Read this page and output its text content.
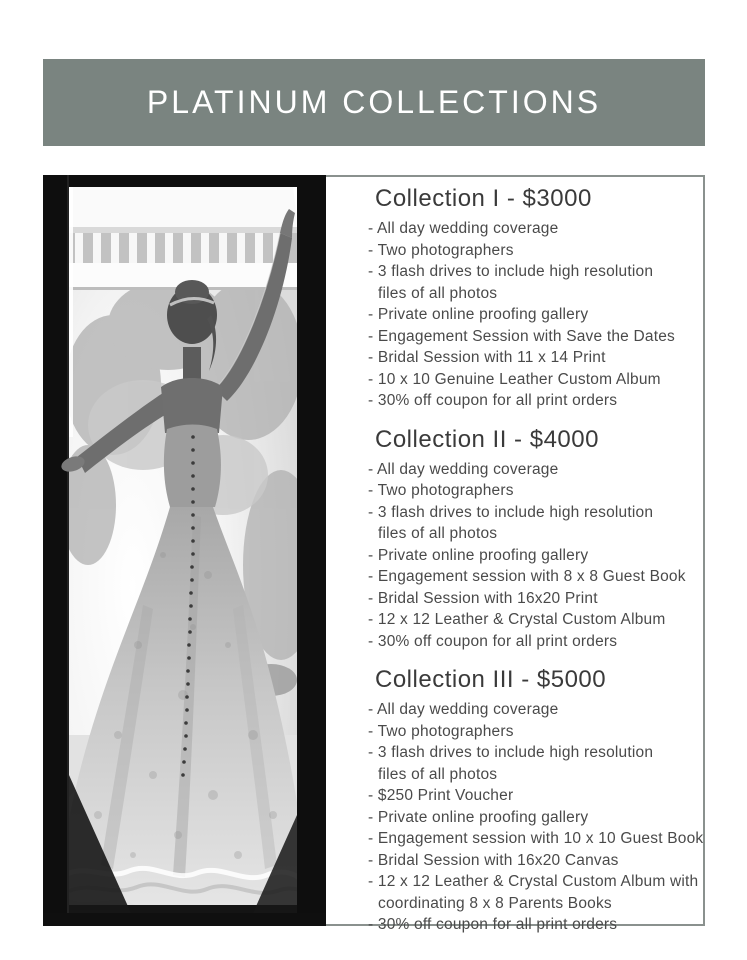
PLATINUM COLLECTIONS
Collection I - $3000
- All day wedding coverage
- Two photographers
- 3 flash drives to include high resolution
files of all photos
- Private online proofing gallery
- Engagement Session with Save the Dates
- Bridal Session with 11 x 14 Print
- 10 x 10 Genuine Leather Custom Album
- 30% off coupon for all print orders
Collection II - $4000
- All day wedding coverage
- Two photographers
- 3 flash drives to include high resolution
files of all photos
- Private online proofing gallery
- Engagement session with 8 x 8 Guest Book
- Bridal Session with 16x20 Print
- 12 x 12 Leather & Crystal Custom Album
- 30% off coupon for all print orders
Collection III - $5000
- All day wedding coverage
- Two photographers
- 3 flash drives to include high resolution
files of all photos
- $250 Print Voucher
- Private online proofing gallery
- Engagement session with 10 x 10 Guest Book
- Bridal Session with 16x20 Canvas
- 12 x 12 Leather & Crystal Custom Album with
coordinating 8 x 8 Parents Books
- 30% off coupon for all print orders
